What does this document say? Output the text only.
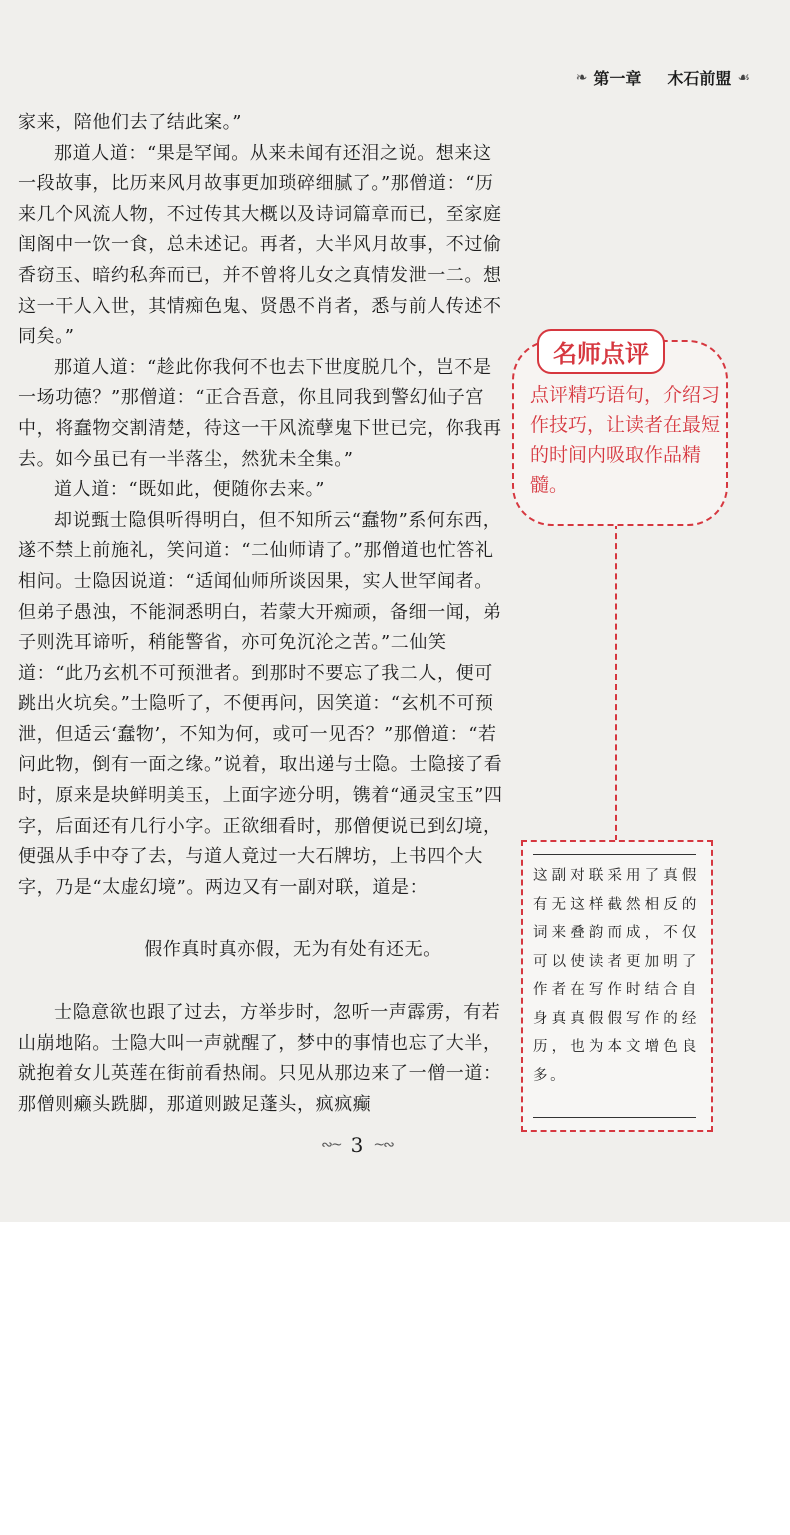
❧ 第一章 木石前盟 ☙

家来，陪他们去了结此案。”

那道人道：“果是罕闻。从来未闻有还泪之说。想来这一段故事，比历来风月故事更加琐碎细腻了。”那僧道：“历来几个风流人物，不过传其大概以及诗词篇章而已，至家庭闺阁中一饮一食，总未述记。再者，大半风月故事，不过偷香窃玉、暗约私奔而已，并不曾将儿女之真情发泄一二。想这一干人入世，其情痴色鬼、贤愚不肖者，悉与前人传述不同矣。”

那道人道：“趁此你我何不也去下世度脱几个，岂不是一场功德？”那僧道：“正合吾意，你且同我到警幻仙子宫中，将蠢物交割清楚，待这一干风流孽鬼下世已完，你我再去。如今虽已有一半落尘，然犹未全集。”

道人道：“既如此，便随你去来。”

却说甄士隐俱听得明白，但不知所云“蠢物”系何东西，遂不禁上前施礼，笑问道：“二仙师请了。”那僧道也忙答礼相问。士隐因说道：“适闻仙师所谈因果，实人世罕闻者。但弟子愚浊，不能洞悉明白，若蒙大开痴顽，备细一闻，弟子则洗耳谛听，稍能警省，亦可免沉沦之苦。”二仙笑道：“此乃玄机不可预泄者。到那时不要忘了我二人，便可跳出火坑矣。”士隐听了，不便再问，因笑道：“玄机不可预泄，但适云‘蠢物’，不知为何，或可一见否？”那僧道：“若问此物，倒有一面之缘。”说着，取出递与士隐。士隐接了看时，原来是块鲜明美玉，上面字迹分明，镌着“通灵宝玉”四字，后面还有几行小字。正欲细看时，那僧便说已到幻境，便强从手中夺了去，与道人竟过一大石牌坊，上书四个大字，乃是“太虚幻境”。两边又有一副对联，道是：

假作真时真亦假，无为有处有还无。

士隐意欲也跟了过去，方举步时，忽听一声霹雳，有若山崩地陷。士隐大叫一声就醒了，梦中的事情也忘了大半，就抱着女儿英莲在街前看热闹。只见从那边来了一僧一道：那僧则癞头跣脚，那道则跛足蓬头，疯疯癫

∾~ 3 ~∾
名师点评
点评精巧语句，介绍习作技巧，让读者在最短的时间内吸取作品精髓。
这副对联采用了真假有无这样截然相反的词来叠韵而成，不仅可以使读者更加明了作者在写作时结合自身真真假假写作的经历，也为本文增色良多。
